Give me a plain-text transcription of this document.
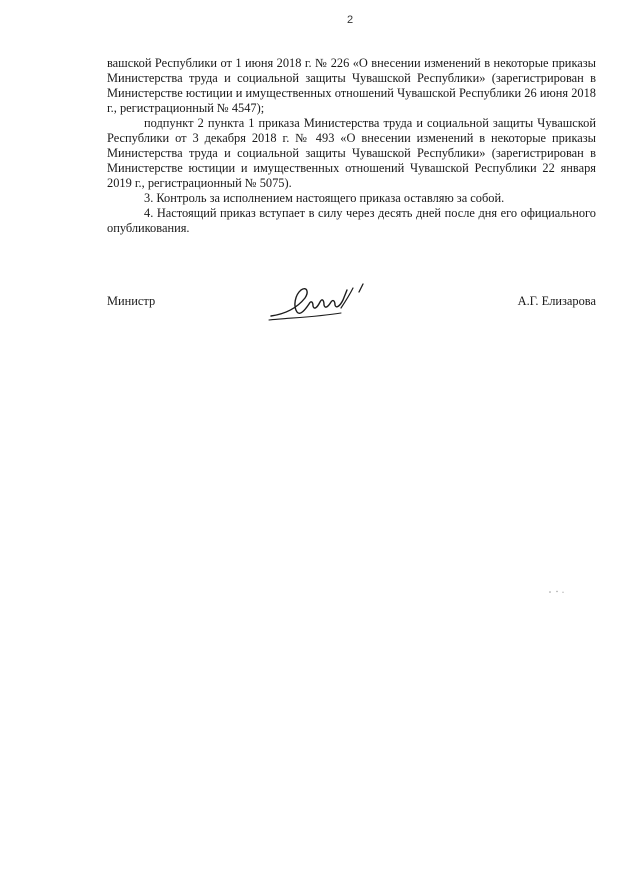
2

вашской Республики от 1 июня 2018 г. № 226 «О внесении изменений в некоторые приказы Министерства труда и социальной защиты Чувашской Республики» (зарегистрирован в Министерстве юстиции и имущественных отношений Чувашской Республики 26 июня 2018 г., регистрационный № 4547);

подпункт 2 пункта 1 приказа Министерства труда и социальной защиты Чувашской Республики от 3 декабря 2018 г. № 493 «О внесении изменений в некоторые приказы Министерства труда и социальной защиты Чувашской Республики» (зарегистрирован в Министерстве юстиции и имущественных отношений Чувашской Республики 22 января 2019 г., регистрационный № 5075).

3. Контроль за исполнением настоящего приказа оставляю за собой.

4. Настоящий приказ вступает в силу через десять дней после дня его официального опубликования.

Министр	А.Г. Елизарова
